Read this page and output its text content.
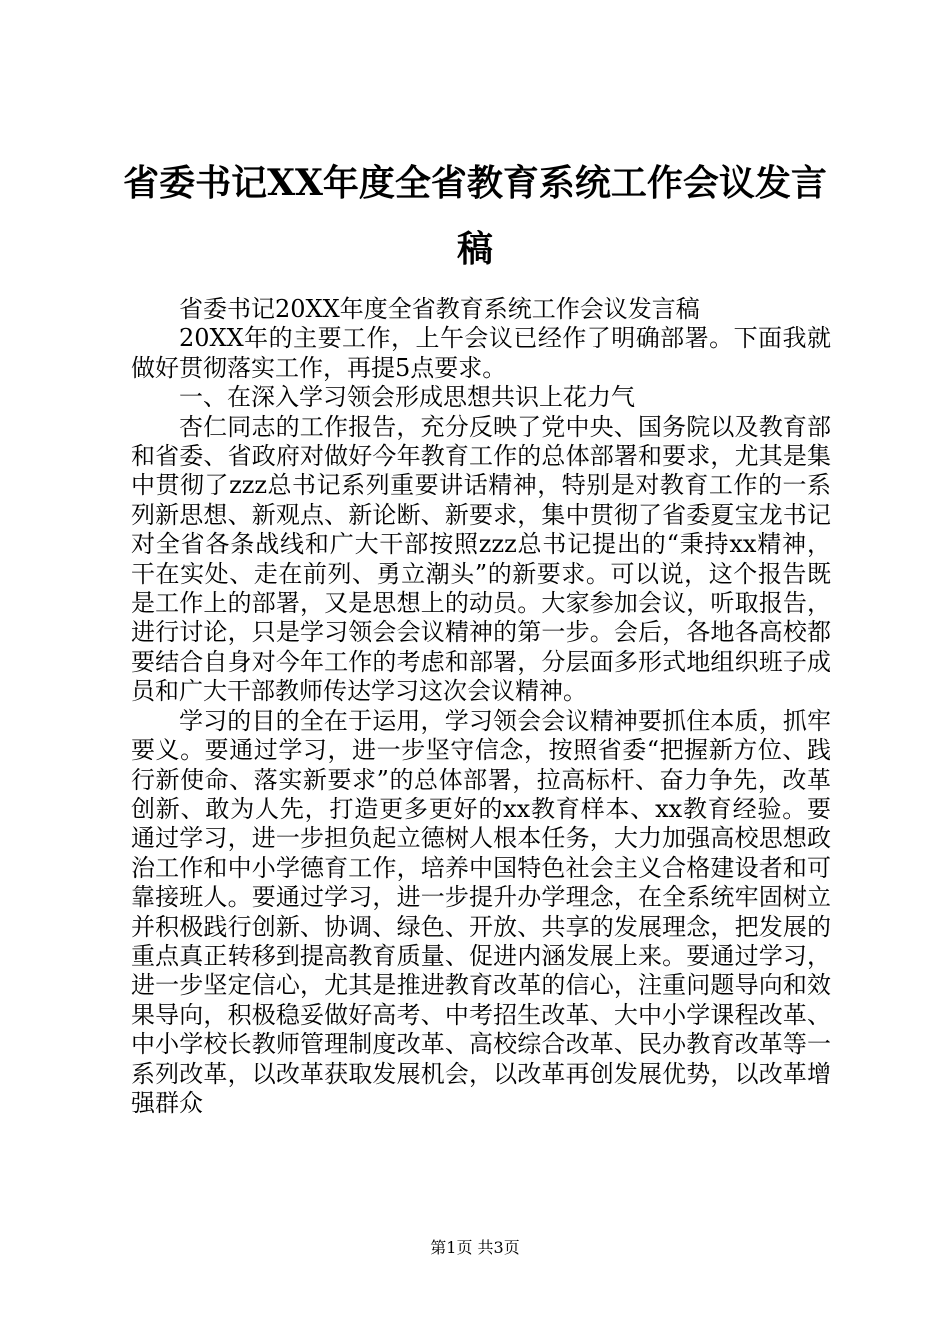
省委书记XX年度全省教育系统工作会议发言稿

省委书记20XX年度全省教育系统工作会议发言稿

20XX年的主要工作，上午会议已经作了明确部署。下面我就做好贯彻落实工作，再提5点要求。

一、在深入学习领会形成思想共识上花力气

杏仁同志的工作报告，充分反映了党中央、国务院以及教育部和省委、省政府对做好今年教育工作的总体部署和要求，尤其是集中贯彻了zzz总书记系列重要讲话精神，特别是对教育工作的一系列新思想、新观点、新论断、新要求，集中贯彻了省委夏宝龙书记对全省各条战线和广大干部按照zzz总书记提出的“秉持xx精神，干在实处、走在前列、勇立潮头”的新要求。可以说，这个报告既是工作上的部署，又是思想上的动员。大家参加会议，听取报告，进行讨论，只是学习领会会议精神的第一步。会后，各地各高校都要结合自身对今年工作的考虑和部署，分层面多形式地组织班子成员和广大干部教师传达学习这次会议精神。

学习的目的全在于运用，学习领会会议精神要抓住本质，抓牢要义。要通过学习，进一步坚守信念，按照省委“把握新方位、践行新使命、落实新要求”的总体部署，拉高标杆、奋力争先，改革创新、敢为人先，打造更多更好的xx教育样本、xx教育经验。要通过学习，进一步担负起立德树人根本任务，大力加强高校思想政治工作和中小学德育工作，培养中国特色社会主义合格建设者和可靠接班人。要通过学习，进一步提升办学理念，在全系统牢固树立并积极践行创新、协调、绿色、开放、共享的发展理念，把发展的重点真正转移到提高教育质量、促进内涵发展上来。要通过学习，进一步坚定信心，尤其是推进教育改革的信心，注重问题导向和效果导向，积极稳妥做好高考、中考招生改革、大中小学课程改革、中小学校长教师管理制度改革、高校综合改革、民办教育改革等一系列改革，以改革获取发展机会，以改革再创发展优势，以改革增强群众

第1页 共3页
